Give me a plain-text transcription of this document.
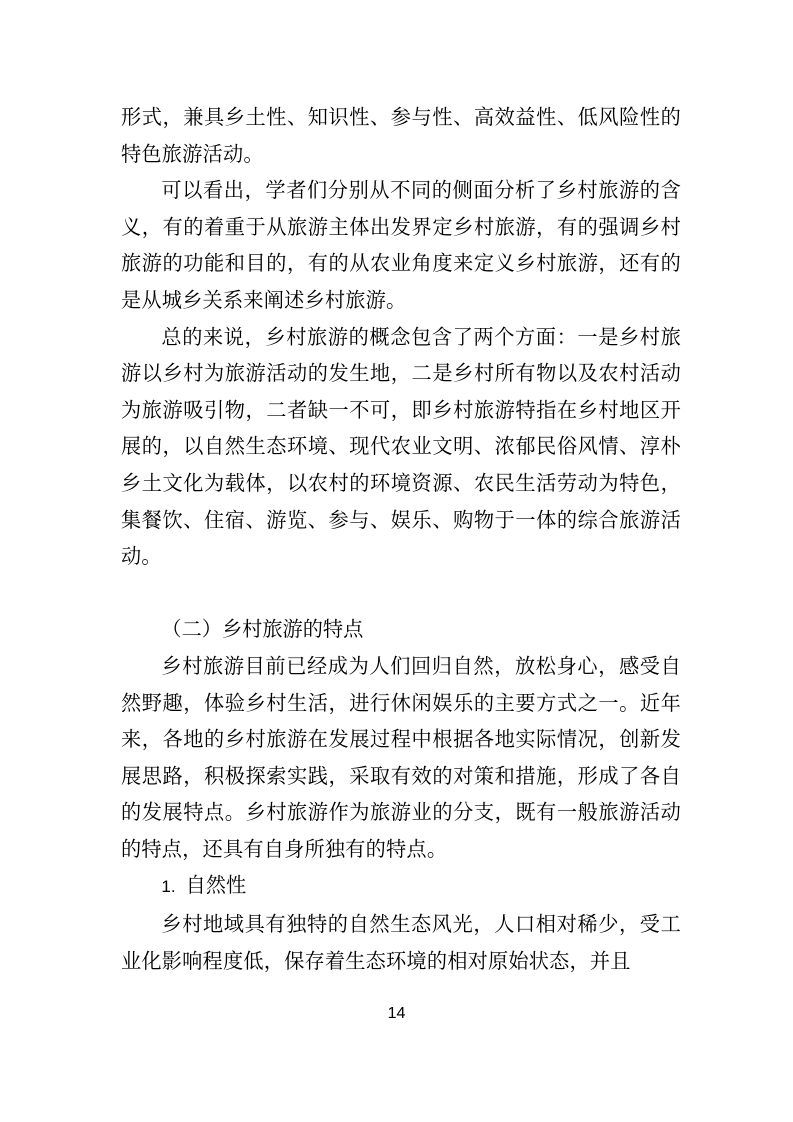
形式，兼具乡土性、知识性、参与性、高效益性、低风险性的特色旅游活动。

可以看出，学者们分别从不同的侧面分析了乡村旅游的含义，有的着重于从旅游主体出发界定乡村旅游，有的强调乡村旅游的功能和目的，有的从农业角度来定义乡村旅游，还有的是从城乡关系来阐述乡村旅游。

总的来说，乡村旅游的概念包含了两个方面：一是乡村旅游以乡村为旅游活动的发生地，二是乡村所有物以及农村活动为旅游吸引物，二者缺一不可，即乡村旅游特指在乡村地区开展的，以自然生态环境、现代农业文明、浓郁民俗风情、淳朴乡土文化为载体，以农村的环境资源、农民生活劳动为特色，集餐饮、住宿、游览、参与、娱乐、购物于一体的综合旅游活动。

（二）乡村旅游的特点

乡村旅游目前已经成为人们回归自然，放松身心，感受自然野趣，体验乡村生活，进行休闲娱乐的主要方式之一。近年来，各地的乡村旅游在发展过程中根据各地实际情况，创新发展思路，积极探索实践，采取有效的对策和措施，形成了各自的发展特点。乡村旅游作为旅游业的分支，既有一般旅游活动的特点，还具有自身所独有的特点。

1. 自然性

乡村地域具有独特的自然生态风光，人口相对稀少，受工业化影响程度低，保存着生态环境的相对原始状态，并且

14
